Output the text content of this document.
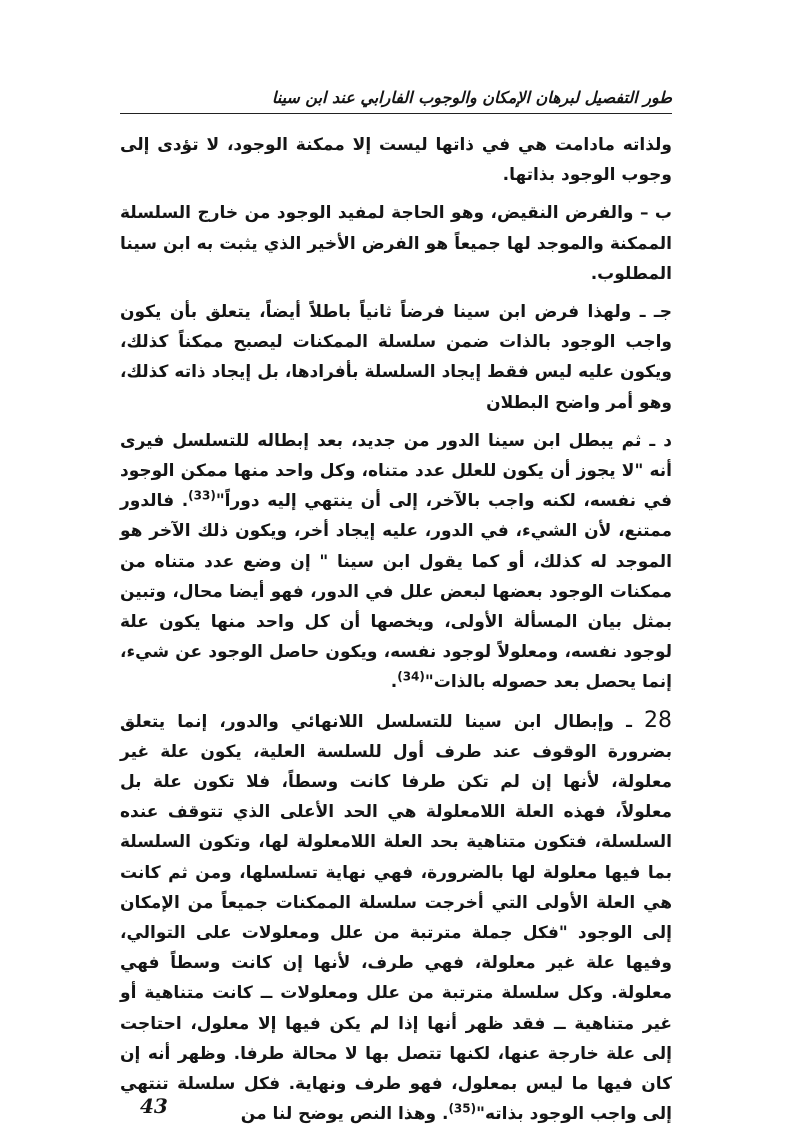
طور التفصيل لبرهان الإمكان والوجوب الفارابي عند ابن سينا

ولذاته مادامت هي في ذاتها ليست إلا ممكنة الوجود، لا تؤدى إلى وجوب الوجود بذاتها.

ب – والفرض النقيض، وهو الحاجة لمفيد الوجود من خارج السلسلة الممكنة والموجد لها جميعاً هو الفرض الأخير الذي يثبت به ابن سينا المطلوب.

جـ ـ ولهذا فرض ابن سينا فرضاً ثانياً باطلاً أيضاً، يتعلق بأن يكون واجب الوجود بالذات ضمن سلسلة الممكنات ليصبح ممكناً كذلك، ويكون عليه ليس فقط إيجاد السلسلة بأفرادها، بل إيجاد ذاته كذلك، وهو أمر واضح البطلان

د ـ ثم يبطل ابن سينا الدور من جديد، بعد إبطاله للتسلسل فيرى أنه "لا يجوز أن يكون للعلل عدد متناه، وكل واحد منها ممكن الوجود في نفسه، لكنه واجب بالآخر، إلى أن ينتهي إليه دوراً"$^{(33)}$. فالدور ممتنع، لأن الشيء، في الدور، عليه إيجاد أخر، ويكون ذلك الآخر هو الموجد له كذلك، أو كما يقول ابن سينا " إن وضع عدد متناه من ممكنات الوجود بعضها لبعض علل في الدور، فهو أيضا محال، وتبين بمثل بيان المسألة الأولى، ويخصها أن كل واحد منها يكون علة لوجود نفسه، ومعلولاً لوجود نفسه، ويكون حاصل الوجود عن شيء، إنما يحصل بعد حصوله بالذات"$^{(34)}$.

28 ـ وإبطال ابن سينا للتسلسل اللانهائي والدور، إنما يتعلق بضرورة الوقوف عند طرف أول للسلسة العلية، يكون علة غير معلولة، لأنها إن لم تكن طرفا كانت وسطاً، فلا تكون علة بل معلولاً، فهذه العلة اللامعلولة هي الحد الأعلى الذي تتوقف عنده السلسلة، فتكون متناهية بحد العلة اللامعلولة لها، وتكون السلسلة بما فيها معلولة لها بالضرورة، فهي نهاية تسلسلها، ومن ثم كانت هي العلة الأولى التي أخرجت سلسلة الممكنات جميعاً من الإمكان إلى الوجود "فكل جملة مترتبة من علل ومعلولات على التوالي، وفيها علة غير معلولة، فهي طرف، لأنها إن كانت وسطاً فهي معلولة. وكل سلسلة مترتبة من علل ومعلولات ــ كانت متناهية أو غير متناهية ــ فقد ظهر أنها إذا لم يكن فيها إلا معلول، احتاجت إلى علة خارجة عنها، لكنها تتصل بها لا محالة طرفا. وظهر أنه إن كان فيها ما ليس بمعلول، فهو طرف ونهاية. فكل سلسلة تنتهي إلى واجب الوجود بذاته"$^{(35)}$. وهذا النص يوضح لنا من

43
